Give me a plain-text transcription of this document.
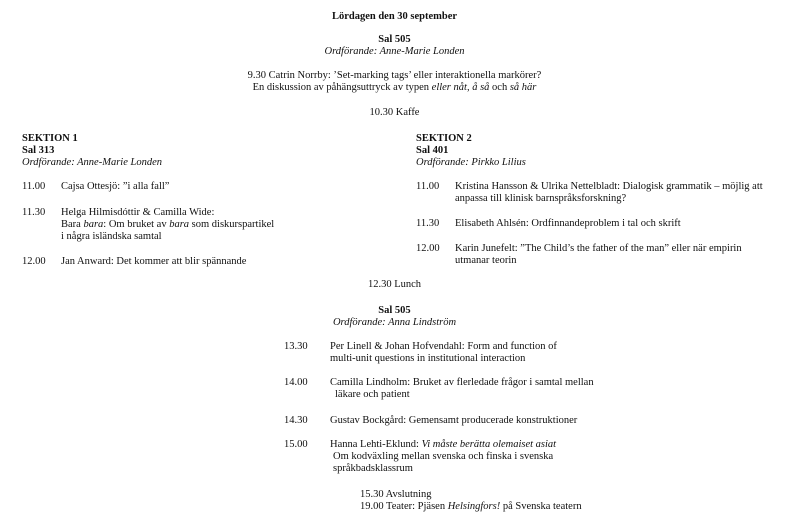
Lördagen den 30 september
Sal 505
Ordförande: Anne-Marie Londen
9.30 Catrin Norrby: ’Set-marking tags’ eller interaktionella markörer?
En diskussion av påhängsuttryck av typen eller nåt, å så och så här
10.30 Kaffe
SEKTION 1
Sal 313
Ordförande: Anne-Marie Londen
11.00 Cajsa Ottesjö: ”i alla fall”
11.30 Helga Hilmisdóttir & Camilla Wide:
Bara bara: Om bruket av bara som diskurspartikel
i några isländska samtal
12.00 Jan Anward: Det kommer att blir spännande
SEKTION 2
Sal 401
Ordförande: Pirkko Lilius
11.00 Kristina Hansson & Ulrika Nettelbladt: Dialogisk grammatik – möjlig att
anpassa till klinisk barnspråksforskning?
11.30 Elisabeth Ahlsén: Ordfinnandeproblem i tal och skrift
12.00 Karin Junefelt: ”The Child’s the father of the man” eller när empirin
utmanar teorin
12.30 Lunch
Sal 505
Ordförande: Anna Lindström
13.30 Per Linell & Johan Hofvendahl: Form and function of
multi-unit questions in institutional interaction
14.00 Camilla Lindholm: Bruket av flerledade frågor i samtal mellan
läkare och patient
14.30 Gustav Bockgård: Gemensamt producerade konstruktioner
15.00 Hanna Lehti-Eklund: Vi måste berätta olemaiset asiat
Om kodväxling mellan svenska och finska i svenska
språkbadsklassrum
15.30 Avslutning
19.00 Teater: Pjäsen Helsingfors! på Svenska teatern
